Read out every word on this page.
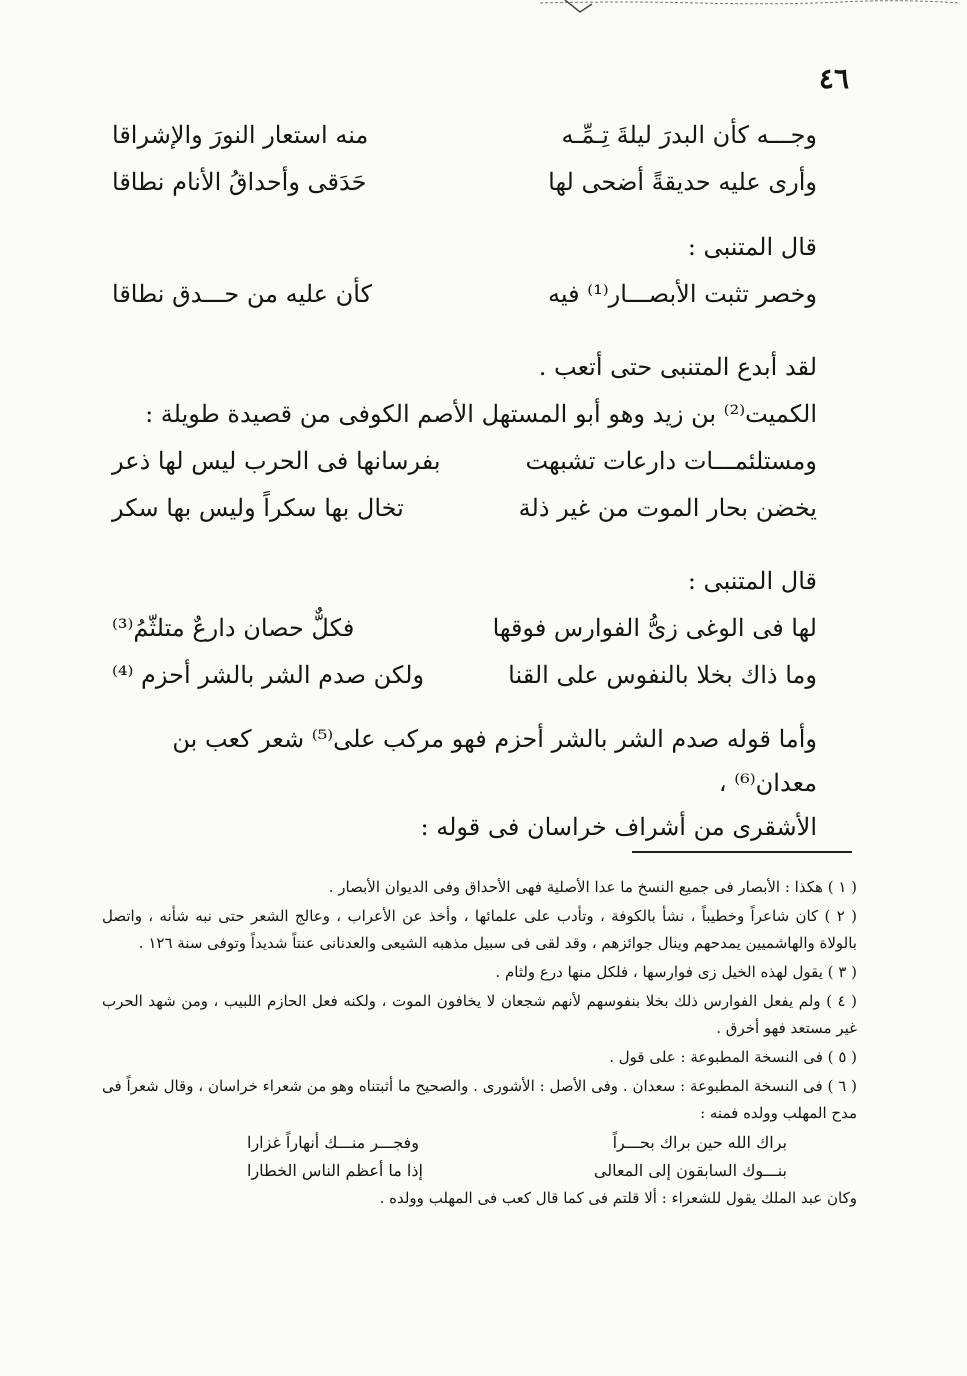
٤٦
وجـــه كأن البدرَ ليلةَ تِـمِّـه
منه استعار النورَ والإشراقا
وأرى عليه حديقةً أضحى لها
حَدَقى وأحداقُ الأنام نطاقا
قال المتنبى :
وخصر تثبت الأبصـــار⁽¹⁾ فيه
كأن عليه من حـــدق نطاقا
لقد أبدع المتنبى حتى أتعب .
الكميت⁽²⁾ بن زيد وهو أبو المستهل الأصم الكوفى من قصيدة طويلة :
ومستلئمـــات دارعات تشبهت
بفرسانها فى الحرب ليس لها ذعر
يخضن بحار الموت من غير ذلة
تخال بها سكراً وليس بها سكر
قال المتنبى :
لها فى الوغى زىُّ الفوارس فوقها
فكلٌّ حصان دارعٌ متلثّمُ⁽³⁾
وما ذاك بخلا بالنفوس على القنا
ولكن صدم الشر بالشر أحزم ⁽⁴⁾
وأما قوله صدم الشر بالشر أحزم فهو مركب على⁽⁵⁾ شعر كعب بن معدان⁽⁶⁾ ،
الأشقرى من أشراف خراسان فى قوله :

( ١ ) هكذا : الأبصار فى جميع النسخ ما عدا الأصلية فهى الأحداق وفى الديوان الأبصار .

( ٢ ) كان شاعراً وخطيباً ، نشأ بالكوفة ، وتأدب على علمائها ، وأخذ عن الأعراب ، وعالج الشعر حتى نبه شأنه ، واتصل بالولاة والهاشميين يمدحهم وينال جوائزهم ، وقد لقى فى سبيل مذهبه الشيعى والعدنانى عنتاً شديداً وتوفى سنة ١٢٦ .

( ٣ ) يقول لهذه الخيل زى فوارسها ، فلكل منها درع ولثام .

( ٤ ) ولم يفعل الفوارس ذلك بخلا بنفوسهم لأنهم شجعان لا يخافون الموت ، ولكنه فعل الحازم اللبيب ، ومن شهد الحرب غير مستعد فهو أخرق .

( ٥ ) فى النسخة المطبوعة : على قول .

( ٦ ) فى النسخة المطبوعة : سعدان . وفى الأصل : الأشورى . والصحيح ما أثبتناه وهو من شعراء خراسان ، وقال شعراً فى مدح المهلب وولده فمنه :

براك الله حين براك بحـــراً
وفجـــر منـــك أنهاراً غزارا
بنـــوك السابقون إلى المعالى
إذا ما أعظم الناس الخطارا

وكان عبد الملك يقول للشعراء : ألا قلتم فى كما قال كعب فى المهلب وولده .
